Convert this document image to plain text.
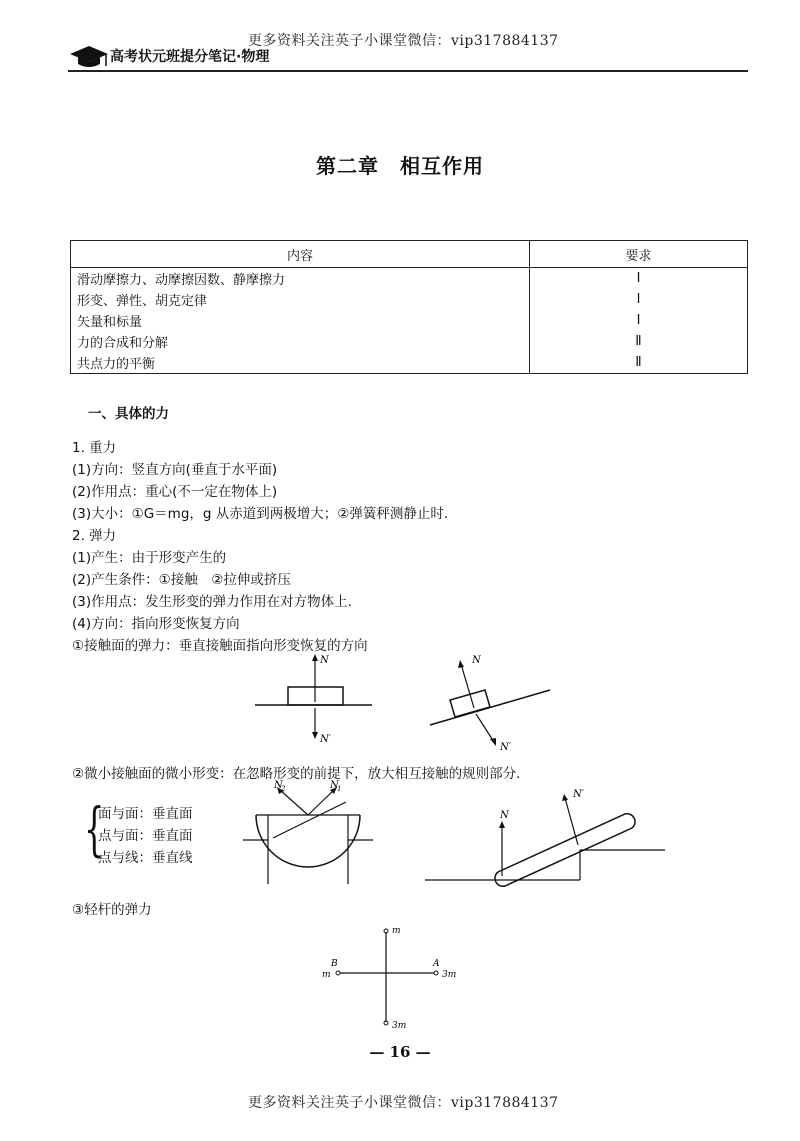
更多资料关注英子小课堂微信：vip317884137
高考状元班提分笔记·物理
第二章　相互作用
内容	要求
滑动摩擦力、动摩擦因数、静摩擦力	Ⅰ
形变、弹性、胡克定律	Ⅰ
矢量和标量	Ⅰ
力的合成和分解	Ⅱ
共点力的平衡	Ⅱ
一、具体的力
1. 重力
(1)方向：竖直方向(垂直于水平面)
(2)作用点：重心(不一定在物体上)
(3)大小：①G＝mg，g 从赤道到两极增大；②弹簧秤测静止时.
2. 弹力
(1)产生：由于形变产生的
(2)产生条件：①接触　②拉伸或挤压
(3)作用点：发生形变的弹力作用在对方物体上.
(4)方向：指向形变恢复方向
①接触面的弹力：垂直接触面指向形变恢复的方向
N
N′
N
N′
②微小接触面的微小形变：在忽略形变的前提下，放大相互接触的规则部分.
{
面与面：垂直面
点与面：垂直面
点与线：垂直线
N
2	N
1
N
N′
③轻杆的弹力
m
m
B	A
3m
3m
— 16 —
更多资料关注英子小课堂微信：vip317884137
